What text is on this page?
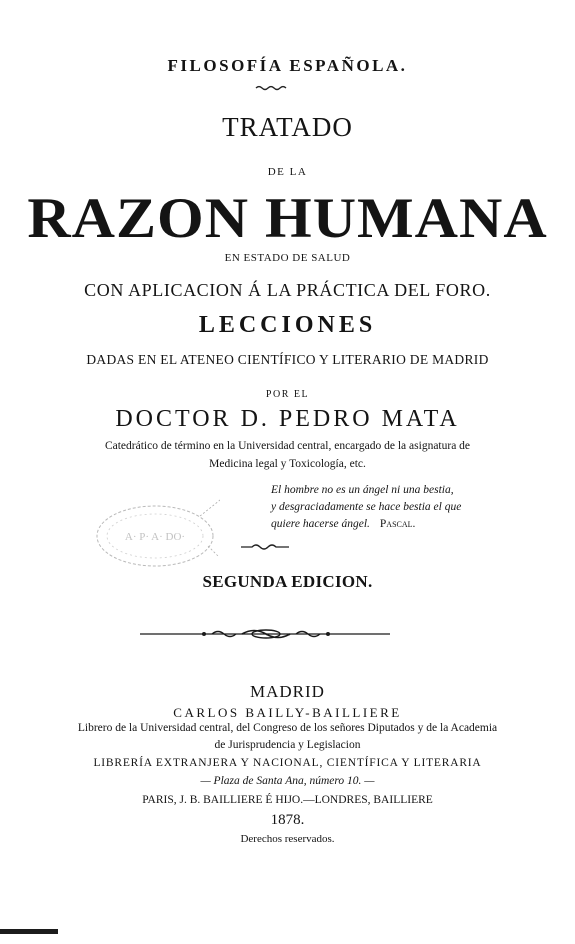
FILOSOFÍA ESPAÑOLA.
TRATADO
DE LA
RAZON HUMANA
EN ESTADO DE SALUD
CON APLICACION Á LA PRÁCTICA DEL FORO.
LECCIONES
DADAS EN EL ATENEO CIENTÍFICO Y LITERARIO DE MADRID
POR EL
DOCTOR D. PEDRO MATA
Catedrático de término en la Universidad central, encargado de la asignatura de
Medicina legal y Toxicología, etc.
A· P· A· DO·
El hombre no es un ángel ni una bestia,
y desgraciadamente se hace bestia el que
quiere hacerse ángel. Pascal.
SEGUNDA EDICION.
MADRID
CARLOS BAILLY-BAILLIERE
Librero de la Universidad central, del Congreso de los señores Diputados y de la Academia
de Jurisprudencia y Legislacion
LIBRERÍA EXTRANJERA Y NACIONAL, CIENTÍFICA Y LITERARIA
— Plaza de Santa Ana, número 10. —
PARIS, J. B. BAILLIERE É HIJO.—LONDRES, BAILLIERE
1878.
Derechos reservados.
